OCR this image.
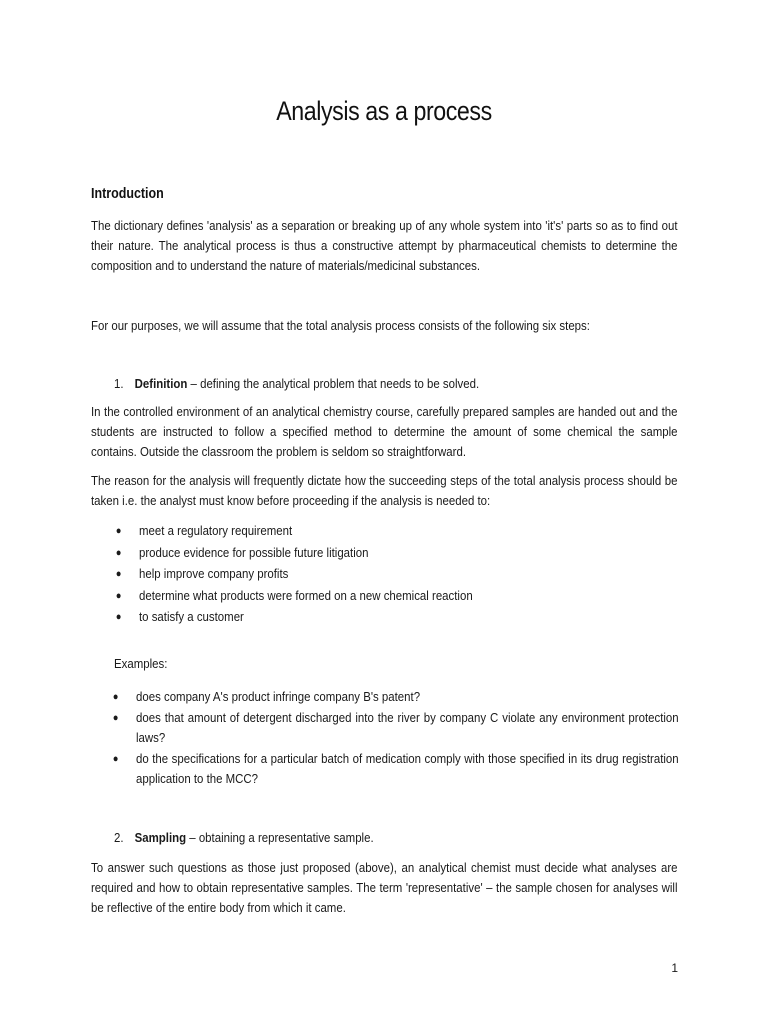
Analysis as a process
Introduction
The dictionary defines 'analysis' as a separation or breaking up of any whole system into 'it's' parts so as to find out their nature. The analytical process is thus a constructive attempt by pharmaceutical chemists to determine the composition and to understand the nature of materials/medicinal substances.
For our purposes, we will assume that the total analysis process consists of the following six steps:
1. Definition – defining the analytical problem that needs to be solved.
In the controlled environment of an analytical chemistry course, carefully prepared samples are handed out and the students are instructed to follow a specified method to determine the amount of some chemical the sample contains. Outside the classroom the problem is seldom so straightforward.
The reason for the analysis will frequently dictate how the succeeding steps of the total analysis process should be taken i.e. the analyst must know before proceeding if the analysis is needed to:
● meet a regulatory requirement
● produce evidence for possible future litigation
● help improve company profits
● determine what products were formed on a new chemical reaction
● to satisfy a customer
Examples:
● does company A's product infringe company B's patent?
● does that amount of detergent discharged into the river by company C violate any environment protection laws?
● do the specifications for a particular batch of medication comply with those specified in its drug registration application to the MCC?
2. Sampling – obtaining a representative sample.
To answer such questions as those just proposed (above), an analytical chemist must decide what analyses are required and how to obtain representative samples. The term 'representative' – the sample chosen for analyses will be reflective of the entire body from which it came.
1
